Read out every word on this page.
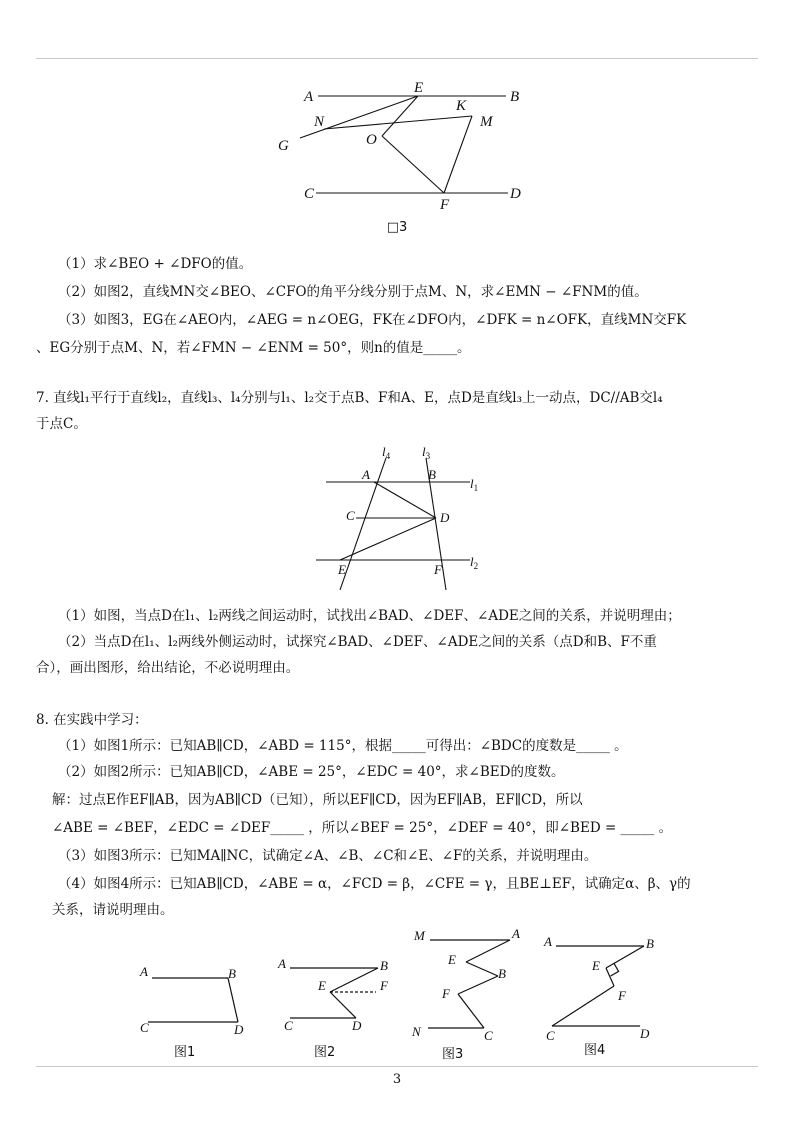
A	B
E
K
M
N
G	O
C	D
F
□3
（1）求∠BEO + ∠DFO的值。
（2）如图2，直线MN交∠BEO、∠CFO的角平分线分别于点M、N，求∠EMN − ∠FNM的值。
（3）如图3，EG在∠AEO内，∠AEG = n∠OEG，FK在∠DFO内，∠DFK = n∠OFK，直线MN交FK
、EG分别于点M、N，若∠FMN − ∠ENM = 50°，则n的值是_____。
7. 直线l₁平行于直线l₂，直线l₃、l₄分别与l₁、l₂交于点B、F和A、E，点D是直线l₃上一动点，DC//AB交l₄
于点C。
$l_4$ $l_3$
$l_1$
$l_2$
A	B
C	D
E	F
（1）如图，当点D在l₁、l₂两线之间运动时，试找出∠BAD、∠DEF、∠ADE之间的关系，并说明理由；
（2）当点D在l₁、l₂两线外侧运动时，试探究∠BAD、∠DEF、∠ADE之间的关系（点D和B、F不重
合），画出图形，给出结论，不必说明理由。
8. 在实践中学习：
（1）如图1所示：已知AB∥CD，∠ABD = 115°，根据_____可得出：∠BDC的度数是_____ 。
（2）如图2所示：已知AB∥CD，∠ABE = 25°，∠EDC = 40°，求∠BED的度数。
解：过点E作EF∥AB，因为AB∥CD（已知），所以EF∥CD，因为EF∥AB，EF∥CD，所以
∠ABE = ∠BEF，∠EDC = ∠DEF_____ ，所以∠BEF = 25°，∠DEF = 40°，即∠BED = _____ 。
（3）如图3所示：已知MA∥NC，试确定∠A、∠B、∠C和∠E、∠F的关系，并说明理由。
（4）如图4所示：已知AB∥CD，∠ABE = α，∠FCD = β，∠CFE = γ，且BE⊥EF，试确定α、β、γ的
关系，请说明理由。
A	B
C	D
图1
A	B
E	F
C	D
图2
M	A
E
B
F
N	C
图3
A	B
E
F
C	D
图4
3
